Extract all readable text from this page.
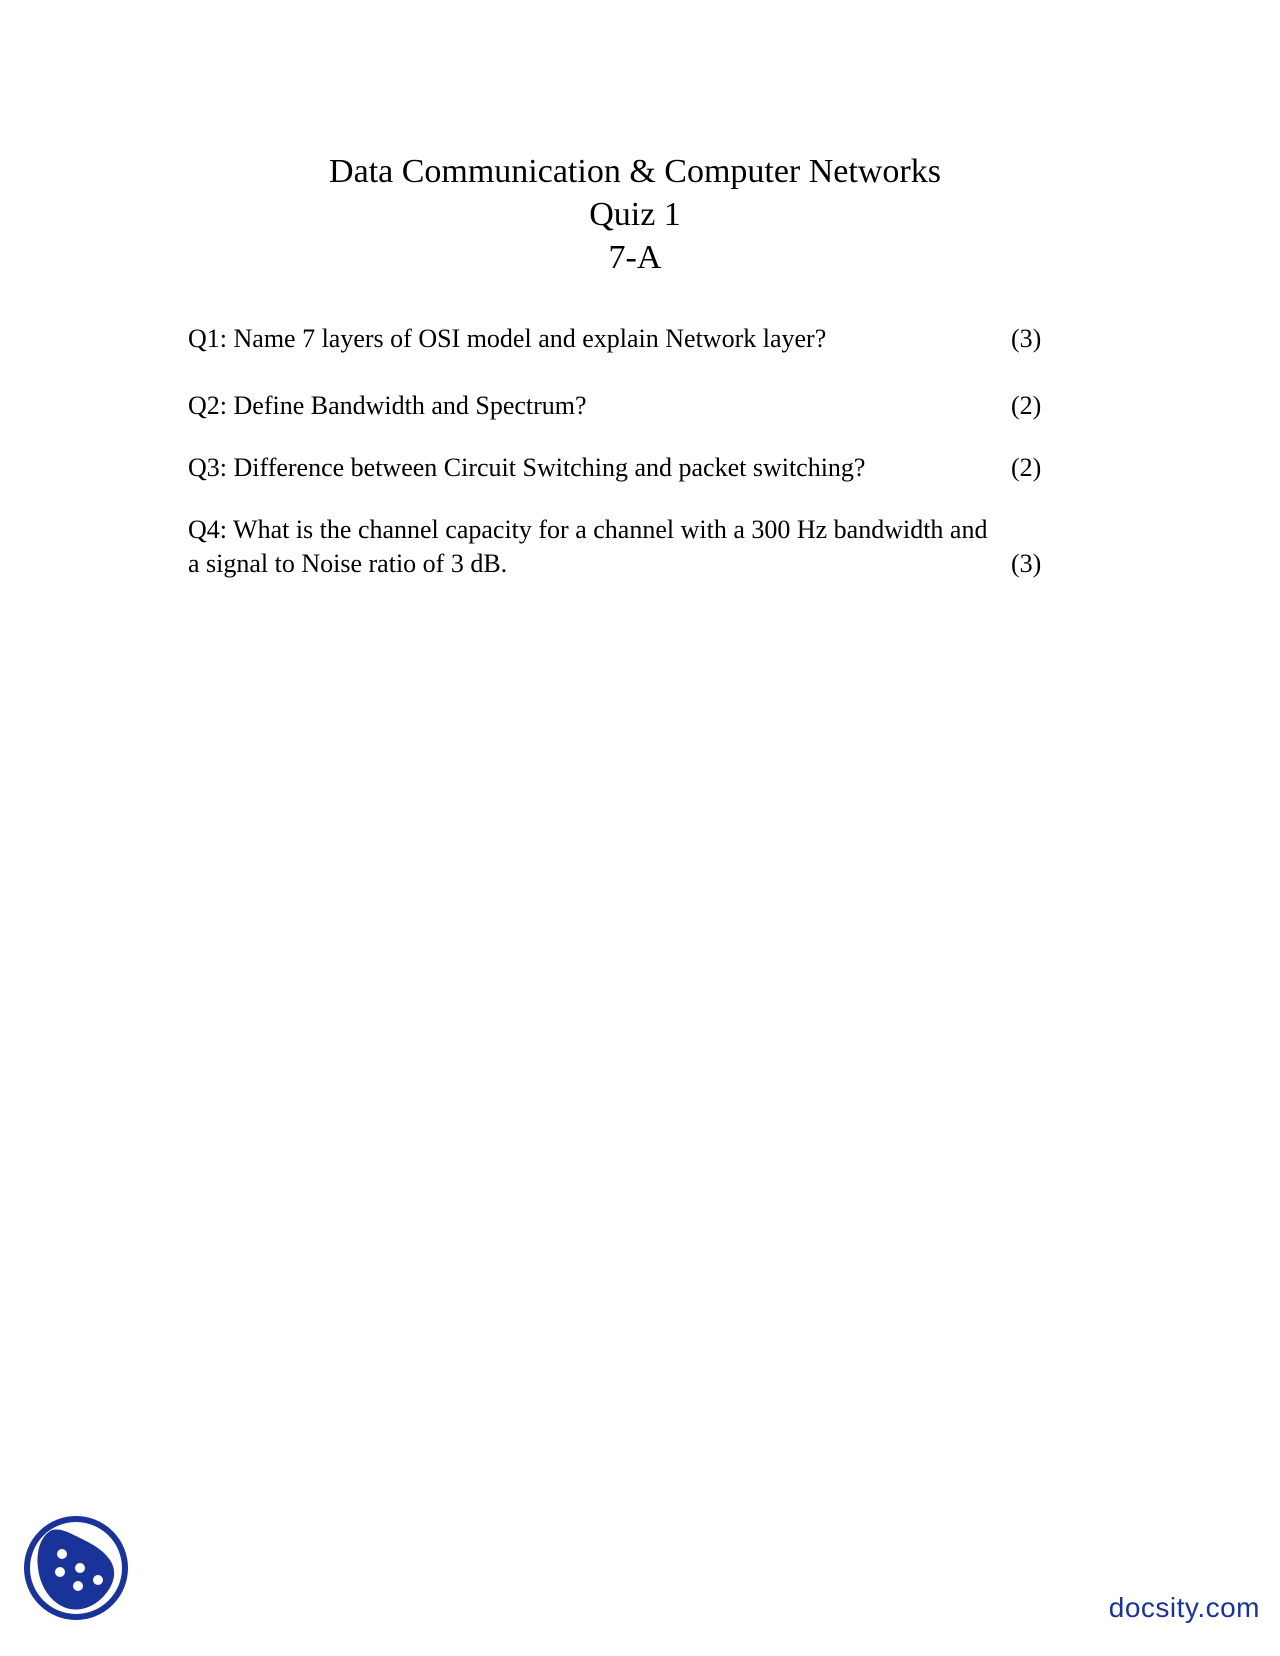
Data Communication & Computer Networks
Quiz 1
7-A
Q1: Name 7 layers of OSI model and explain Network layer?	(3)
Q2: Define Bandwidth and Spectrum?	(2)
Q3: Difference between Circuit Switching and packet switching?	(2)
Q4: What is the channel capacity for a channel with a 300 Hz bandwidth and
a signal to Noise ratio of 3 dB.	(3)
docsity.com
